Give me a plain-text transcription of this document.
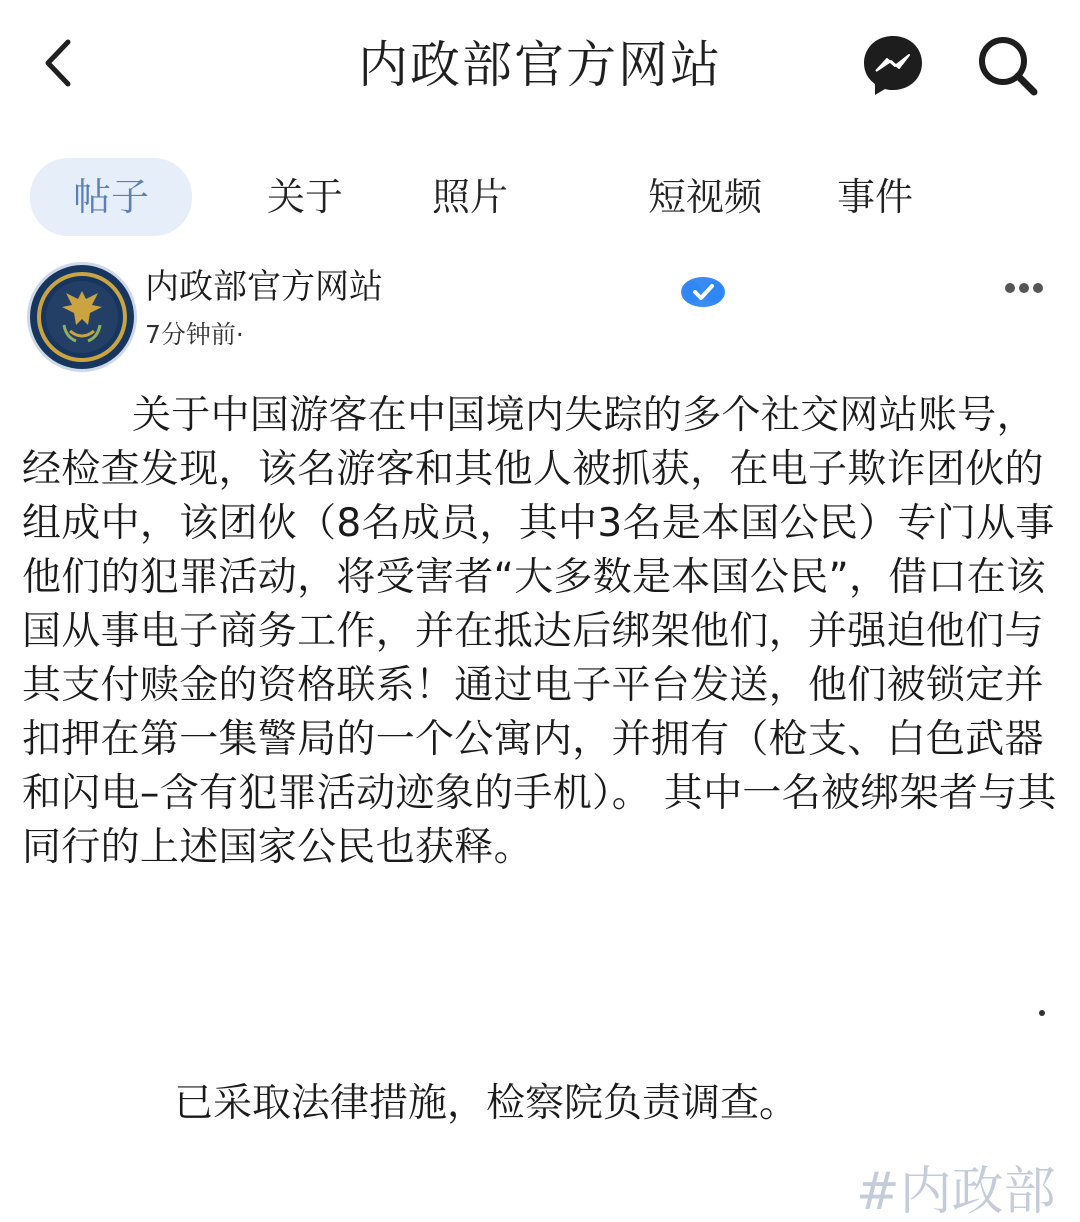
内政部官方网站
帖子	关于	照片	短视频	事件
内政部官方网站
7分钟前·

关于中国游客在中国境内失踪的多个社交网站账号，经检查发现，该名游客和其他人被抓获，在电子欺诈团伙的组成中，该团伙（8名成员，其中3名是本国公民）专门从事他们的犯罪活动，将受害者“大多数是本国公民”，借口在该国从事电子商务工作，并在抵达后绑架他们，并强迫他们与其支付赎金的资格联系！通过电子平台发送，他们被锁定并扣押在第一集警局的一个公寓内，并拥有（枪支、白色武器和闪电–含有犯罪活动迹象的手机）。 其中一名被绑架者与其同行的上述国家公民也获释。

已采取法律措施，检察院负责调查。
#内政部
